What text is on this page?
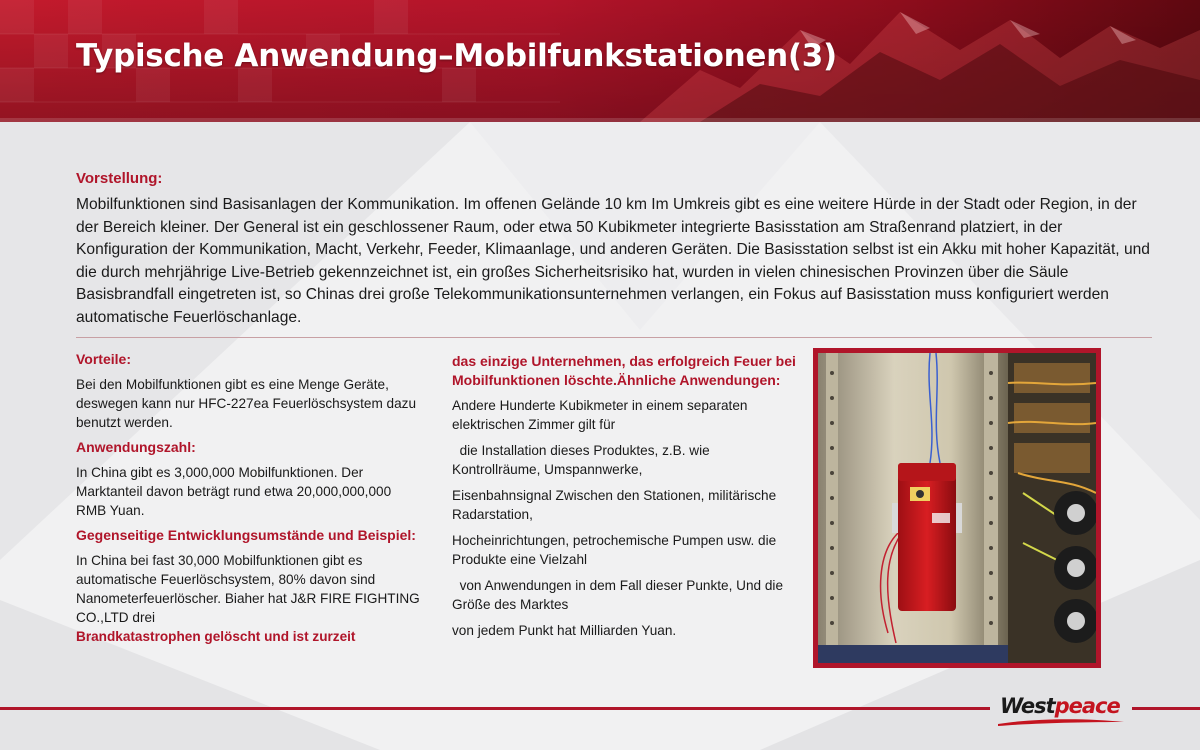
Typische Anwendung–Mobilfunkstationen(3)
Vorstellung:

Mobilfunktionen sind Basisanlagen der Kommunikation. Im offenen Gelände 10 km Im Umkreis gibt es eine weitere Hürde in der Stadt oder Region, in der der Bereich kleiner. Der General ist ein geschlossener Raum, oder etwa 50 Kubikmeter integrierte Basisstation am Straßenrand platziert, in der Konfiguration der Kommunikation, Macht, Verkehr, Feeder, Klimaanlage, und anderen Geräten. Die Basisstation selbst ist ein Akku mit hoher Kapazität, und die durch mehrjährige Live-Betrieb gekennzeichnet ist, ein großes Sicherheitsrisiko hat, wurden in vielen chinesischen Provinzen über die Säule Basisbrandfall eingetreten ist, so Chinas drei große Telekommunikationsunternehmen verlangen, ein Fokus auf Basisstation muss konfiguriert werden automatische Feuerlöschanlage.

Vorteile:

Bei den Mobilfunktionen gibt es eine Menge Geräte, deswegen kann nur HFC-227ea Feuerlöschsystem dazu benutzt werden.

Anwendungszahl:

In China gibt es 3,000,000 Mobilfunktionen. Der Marktanteil davon beträgt rund etwa 20,000,000,000 RMB Yuan.

Gegenseitige Entwicklungsumstände und Beispiel:

In China bei fast 30,000 Mobilfunktionen gibt es automatische Feuerlöschsystem, 80% davon sind Nanometerfeuerlöscher. Biaher hat J&R FIRE FIGHTING CO.,LTD drei
Brandkatastrophen gelöscht und ist zurzeit

das einzige Unternehmen, das erfolgreich Feuer bei Mobilfunktionen löschte.Ähnliche Anwendungen:

Andere Hunderte Kubikmeter in einem separaten elektrischen Zimmer gilt für

die Installation dieses Produktes, z.B. wie Kontrollräume, Umspannwerke,

Eisenbahnsignal Zwischen den Stationen, militärische Radarstation,

Hocheinrichtungen, petrochemische Pumpen usw. die Produkte eine Vielzahl

von Anwendungen in dem Fall dieser Punkte, Und die Größe des Marktes

von jedem Punkt hat Milliarden Yuan.

Westpeace
